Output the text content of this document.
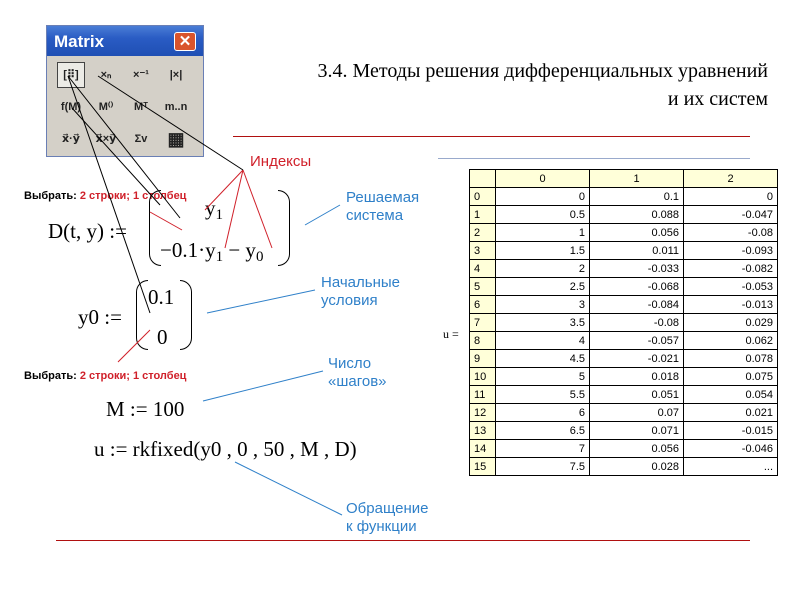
Matrix	✕
[⠿]	×ₙ	×⁻¹	|×|
f(M)	M⁽⁾	Mᵀ	m..n
x⃗·y⃗	x⃗×y⃗	Σv	▦
3.4. Методы решения дифференциальных уравнений
и их систем
Индексы
Решаемая
система
Начальные
условия
Число
«шагов»
Обращение
к функции
Выбрать: 2 строки; 1 столбец
Выбрать: 2 строки; 1 столбец
D(t, y) :=
$y_1$
$-0.1\cdot y_1 - y_0$
y0 :=
0.1
0
M := 100
u := rkfixed(y0 , 0 , 50 , M , D)
u =
	0	1	2
0	0	0.1	0
1	0.5	0.088	-0.047
2	1	0.056	-0.08
3	1.5	0.011	-0.093
4	2	-0.033	-0.082
5	2.5	-0.068	-0.053
6	3	-0.084	-0.013
7	3.5	-0.08	0.029
8	4	-0.057	0.062
9	4.5	-0.021	0.078
10	5	0.018	0.075
11	5.5	0.051	0.054
12	6	0.07	0.021
13	6.5	0.071	-0.015
14	7	0.056	-0.046
15	7.5	0.028	...
